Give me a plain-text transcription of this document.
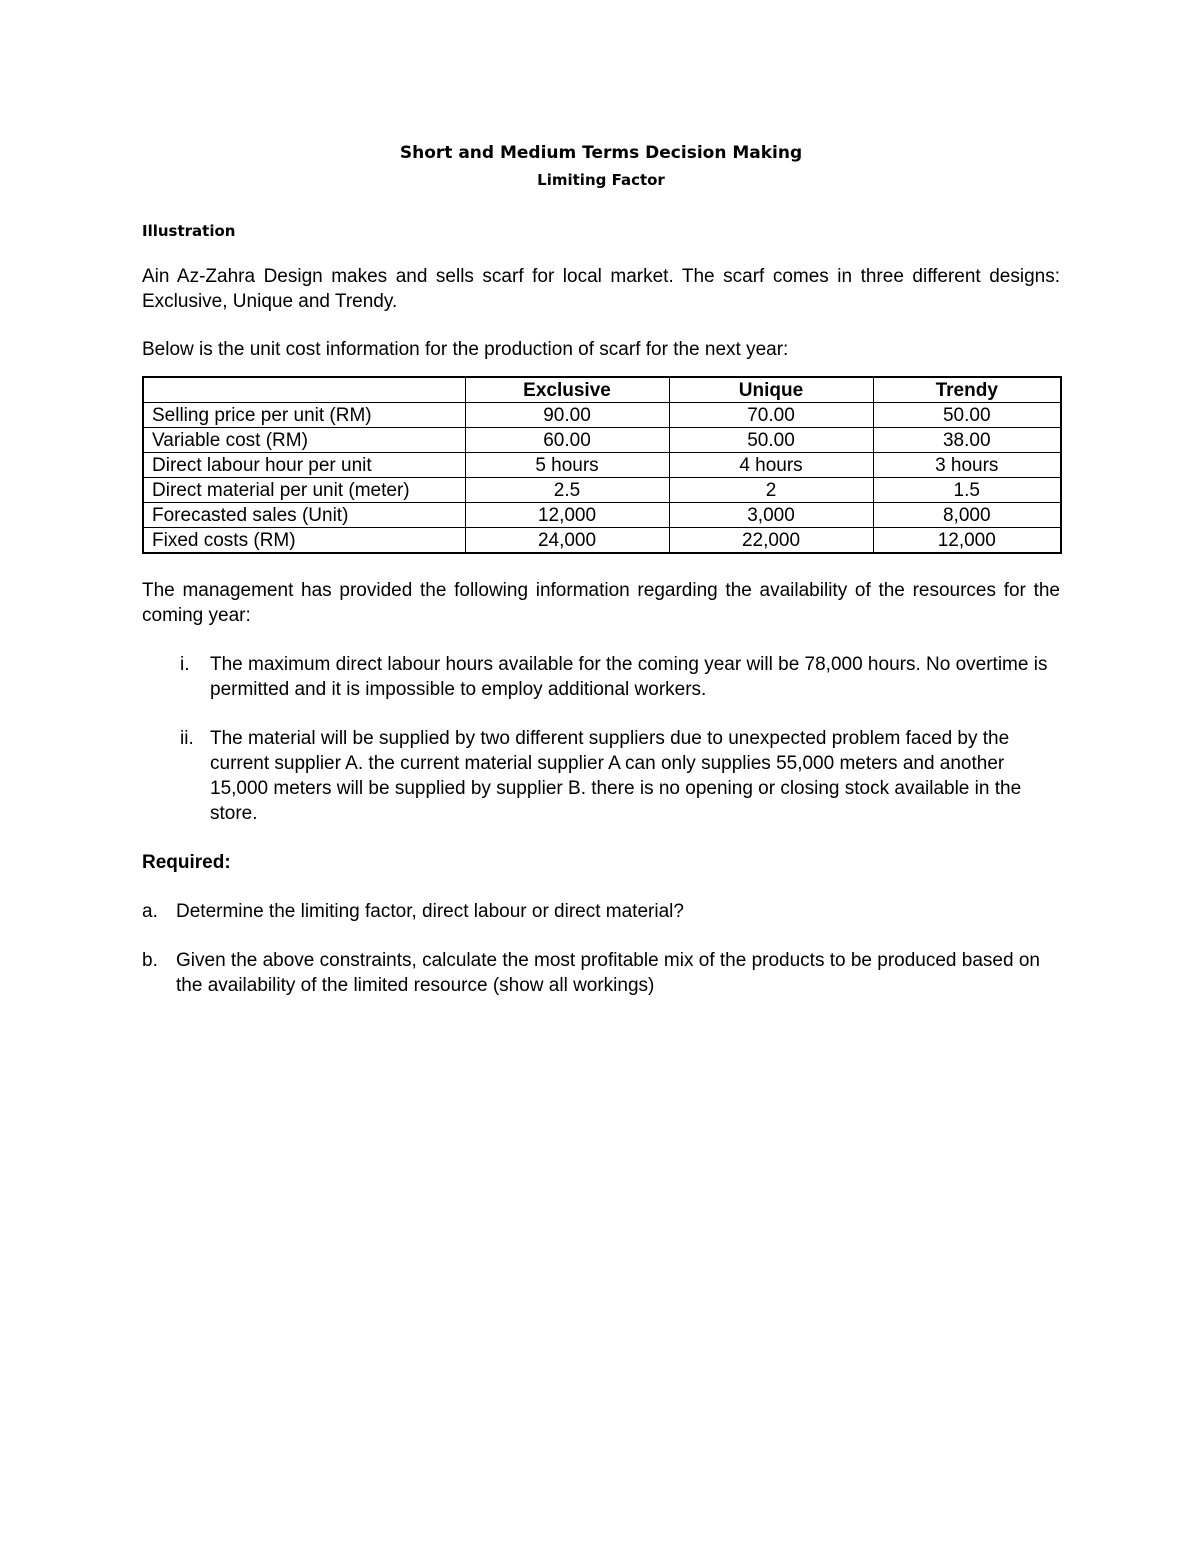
Short and Medium Terms Decision Making
Limiting Factor
Illustration

Ain Az-Zahra Design makes and sells scarf for local market. The scarf comes in three different designs: Exclusive, Unique and Trendy.

Below is the unit cost information for the production of scarf for the next year:

	Exclusive	Unique	Trendy
Selling price per unit (RM)	90.00	70.00	50.00
Variable cost (RM)	60.00	50.00	38.00
Direct labour hour per unit	5 hours	4 hours	3 hours
Direct material per unit (meter)	2.5	2	1.5
Forecasted sales (Unit)	12,000	3,000	8,000
Fixed costs (RM)	24,000	22,000	12,000

The management has provided the following information regarding the availability of the resources for the coming year:

i.	The maximum direct labour hours available for the coming year will be 78,000 hours. No overtime is permitted and it is impossible to employ additional workers.
ii. The material will be supplied by two different suppliers due to unexpected problem faced by the current supplier A. the current material supplier A can only supplies 55,000 meters and another 15,000 meters will be supplied by supplier B. there is no opening or closing stock available in the store.
Required:
a. Determine the limiting factor, direct labour or direct material?
b. Given the above constraints, calculate the most profitable mix of the products to be produced based on the availability of the limited resource (show all workings)
